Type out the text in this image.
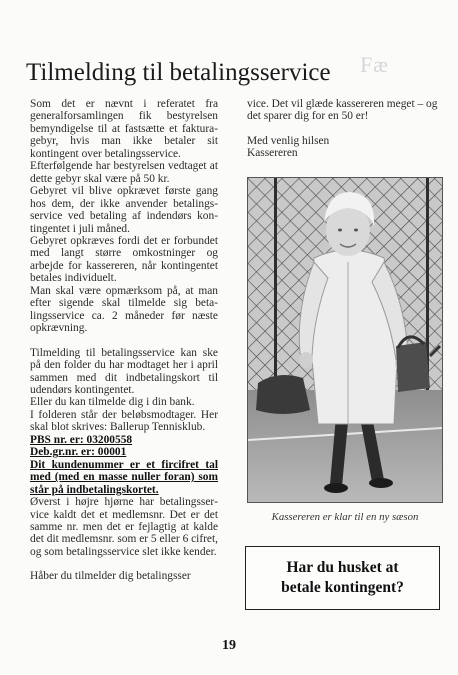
Fæ
Tilmelding til betalingsservice

Som det er nævnt i referatet fra generalforsamlingen fik bestyrelsen bemyndigelse til at fastsætte et fakturagebyr, hvis man ikke betaler sit kontingent over betalingsservice.

Efterfølgende har bestyrelsen vedtaget at dette gebyr skal være på 50 kr.

Gebyret vil blive opkrævet første gang hos dem, der ikke anvender betalingsservice ved betaling af indendørs kontingentet i juli måned.

Gebyret opkræves fordi det er forbundet med langt større omkostninger og arbejde for kassereren, når kontingentet betales individuelt.

Man skal være opmærksom på, at man efter sigende skal tilmelde sig betalingsservice ca. 2 måneder før næste opkrævning.

Tilmelding til betalingsservice kan ske på den folder du har modtaget her i april sammen med dit indbetalingskort til udendørs kontingentet.

Eller du kan tilmelde dig i din bank.

I folderen står der beløbsmodtager. Her skal blot skrives: Ballerup Tennisklub.

PBS nr. er: 03200558

Deb.gr.nr. er: 00001

Dit kundenummer er et fircifret tal med (med en masse nuller foran) som står på indbetalingskortet.

Øverst i højre hjørne har betalingsservice kaldt det et medlemsnr. Det er det samme nr. men det er fejlagtig at kalde det dit medlemsnr. som er 5 eller 6 cifret, og som betalingsservice slet ikke kender.

Håber du tilmelder dig betalingsser

vice. Det vil glæde kassereren meget – og det sparer dig for en 50 er!

Med venlig hilsen

Kassereren

Kassereren er klar til en ny sæson
Har du husket at
betale kontingent?
19
